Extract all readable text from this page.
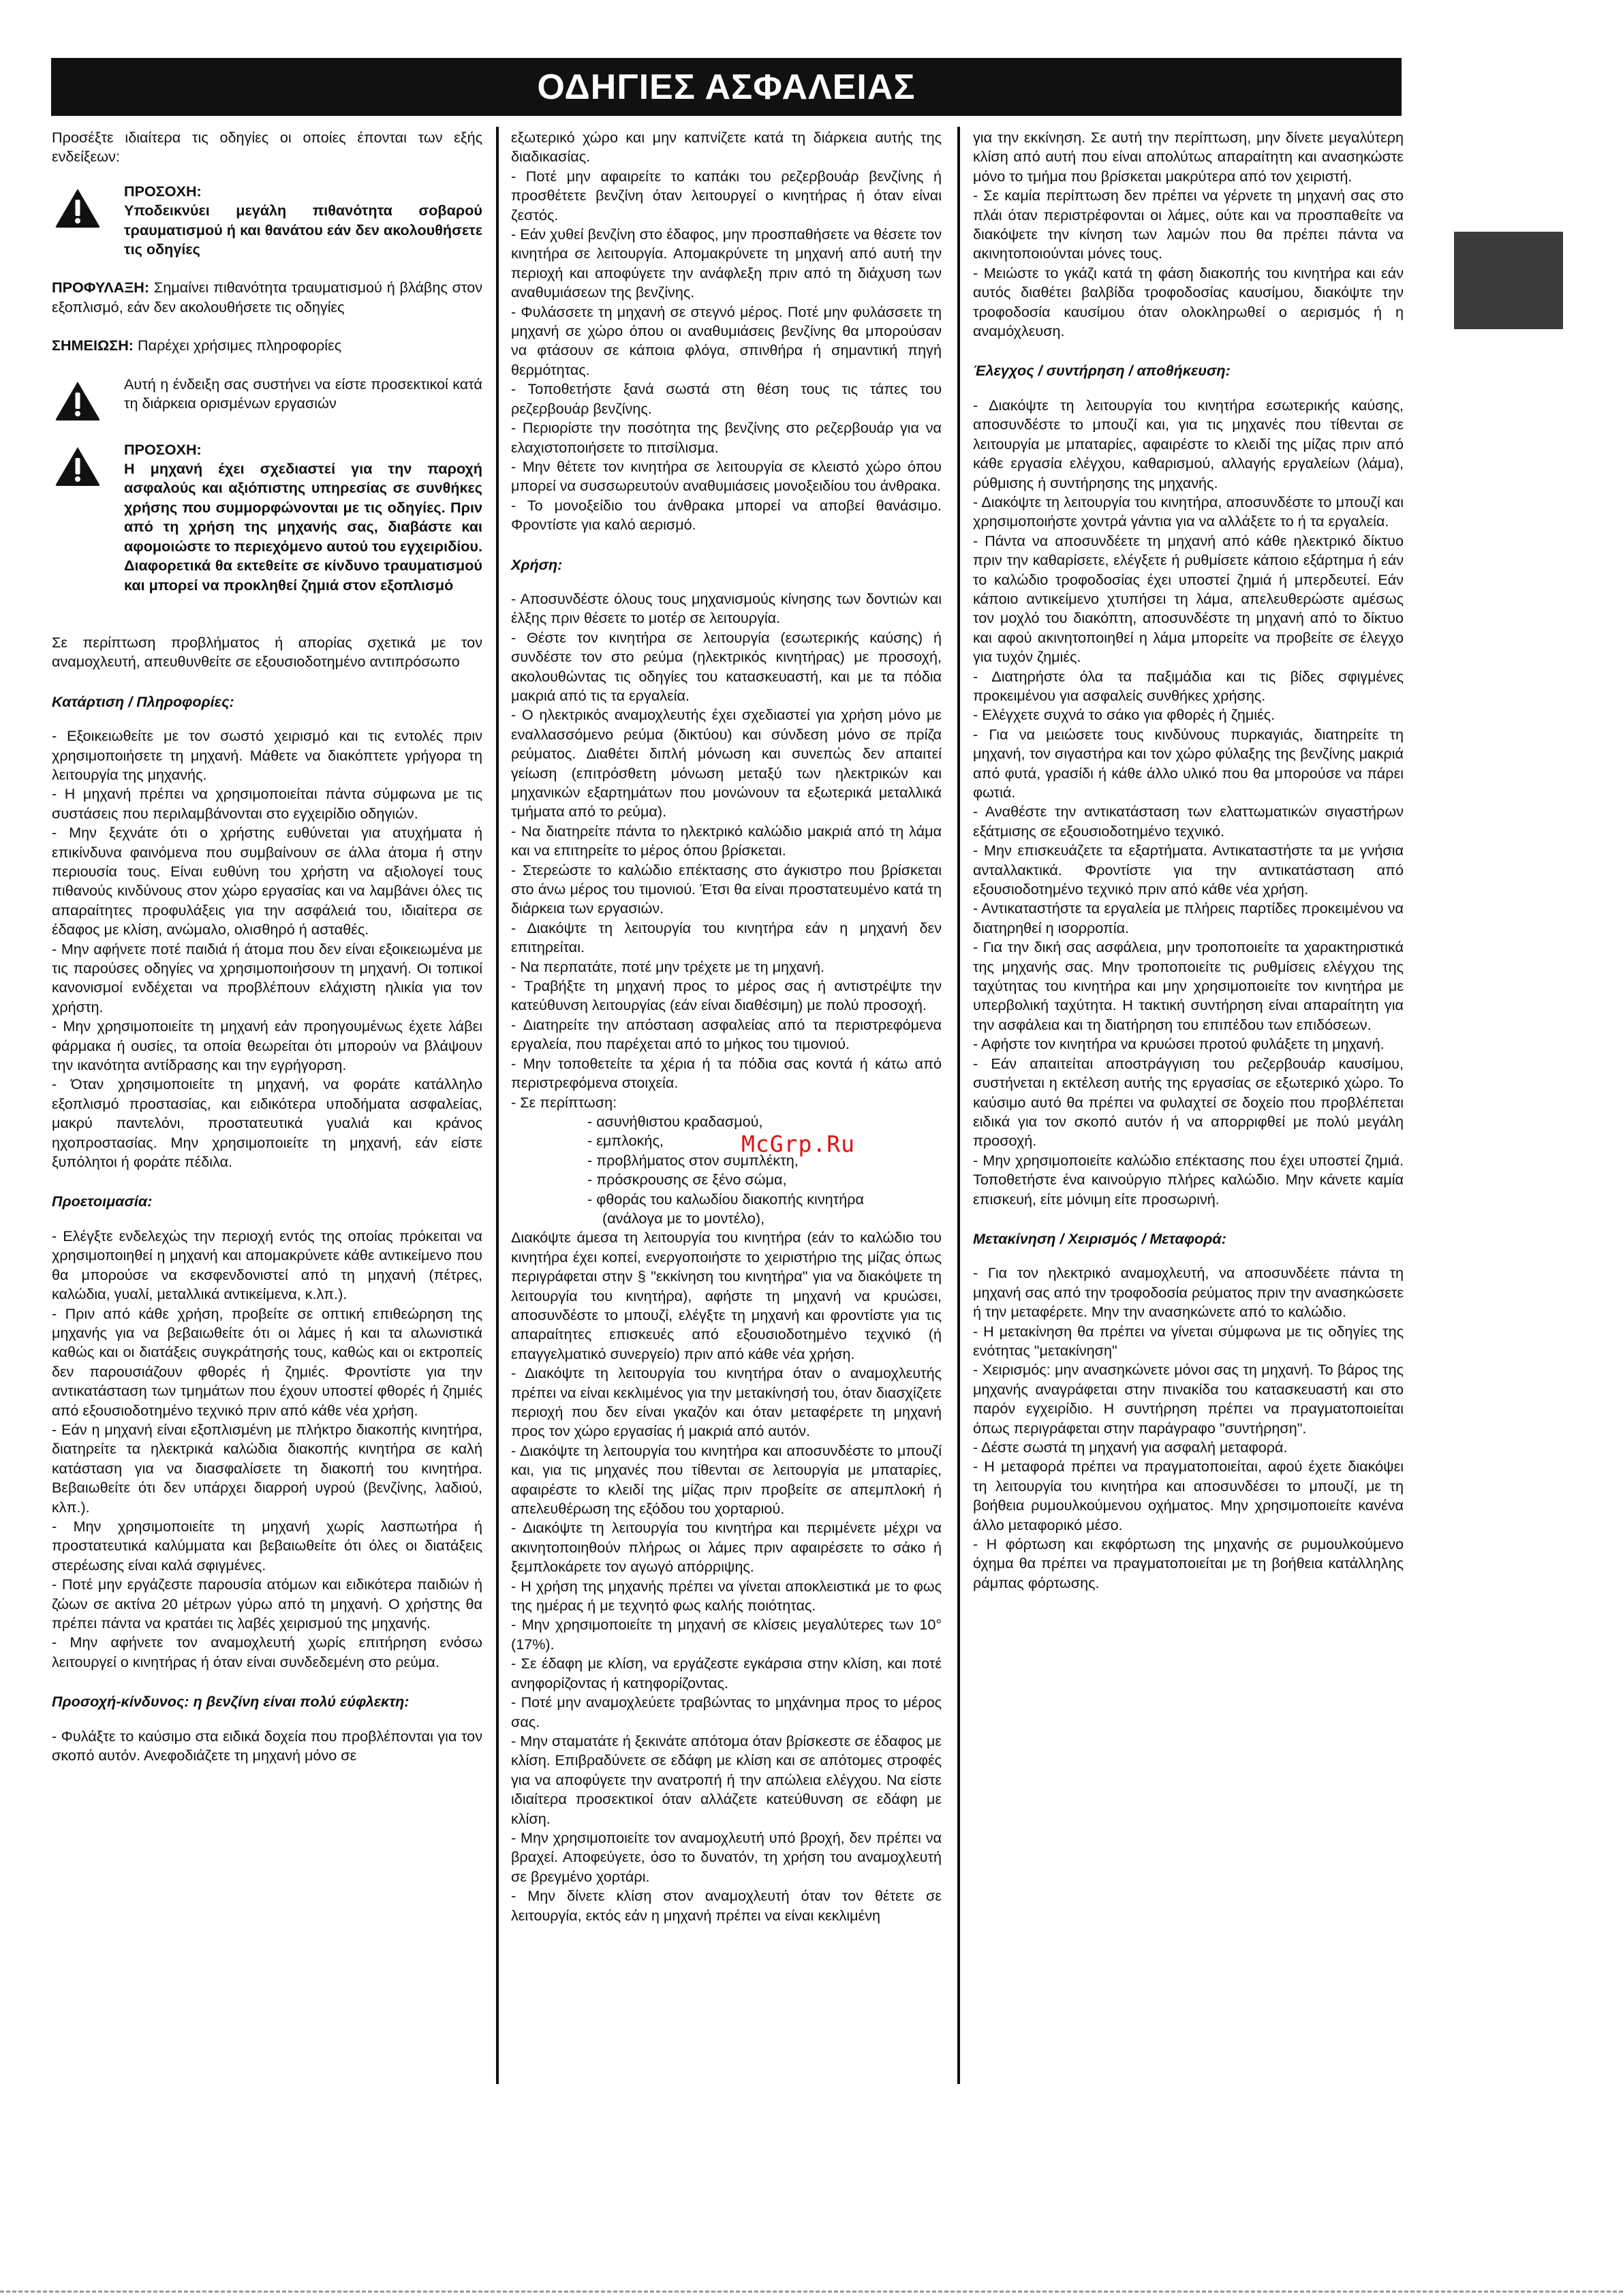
ΟΔΗΓΙΕΣ ΑΣΦΑΛΕΙΑΣ
Προσέξτε ιδιαίτερα τις οδηγίες οι οποίες έπονται των εξής ενδείξεων:
ΠΡΟΣΟΧΗ:
Υποδεικνύει μεγάλη πιθανότητα σοβαρού τραυματισμού ή και θανάτου εάν δεν ακολουθήσετε τις οδηγίες
ΠΡΟΦΥΛΑΞΗ: Σημαίνει πιθανότητα τραυματισμού ή βλάβης στον εξοπλισμό, εάν δεν ακολουθήσετε τις οδηγίες
ΣΗΜΕΙΩΣΗ: Παρέχει χρήσιμες πληροφορίες
Αυτή η ένδειξη σας συστήνει να είστε προσεκτικοί κατά τη διάρκεια ορισμένων εργασιών
ΠΡΟΣΟΧΗ:
Η μηχανή έχει σχεδιαστεί για την παροχή ασφαλούς και αξιόπιστης υπηρεσίας σε συνθήκες χρήσης που συμμορφώνονται με τις οδηγίες. Πριν από τη χρήση της μηχανής σας, διαβάστε και αφομοιώστε το περιεχόμενο αυτού του εγχειριδίου. Διαφορετικά θα εκτεθείτε σε κίνδυνο τραυματισμού και μπορεί να προκληθεί ζημιά στον εξοπλισμό
Σε περίπτωση προβλήματος ή απορίας σχετικά με τον αναμοχλευτή, απευθυνθείτε σε εξουσιοδοτημένο αντιπρόσωπο
Κατάρτιση / Πληροφορίες:
- Εξοικειωθείτε με τον σωστό χειρισμό και τις εντολές πριν χρησιμοποιήσετε τη μηχανή. Μάθετε να διακόπτετε γρήγορα τη λειτουργία της μηχανής.
- Η μηχανή πρέπει να χρησιμοποιείται πάντα σύμφωνα με τις συστάσεις που περιλαμβάνονται στο εγχειρίδιο οδηγιών.
- Μην ξεχνάτε ότι ο χρήστης ευθύνεται για ατυχήματα ή επικίνδυνα φαινόμενα που συμβαίνουν σε άλλα άτομα ή στην περιουσία τους. Είναι ευθύνη του χρήστη να αξιολογεί τους πιθανούς κινδύνους στον χώρο εργασίας και να λαμβάνει όλες τις απαραίτητες προφυλάξεις για την ασφάλειά του, ιδιαίτερα σε έδαφος με κλίση, ανώμαλο, ολισθηρό ή ασταθές.
- Μην αφήνετε ποτέ παιδιά ή άτομα που δεν είναι εξοικειωμένα με τις παρούσες οδηγίες να χρησιμοποιήσουν τη μηχανή. Οι τοπικοί κανονισμοί ενδέχεται να προβλέπουν ελάχιστη ηλικία για τον χρήστη.
- Μην χρησιμοποιείτε τη μηχανή εάν προηγουμένως έχετε λάβει φάρμακα ή ουσίες, τα οποία θεωρείται ότι μπορούν να βλάψουν την ικανότητα αντίδρασης και την εγρήγορση.
- Όταν χρησιμοποιείτε τη μηχανή, να φοράτε κατάλληλο εξοπλισμό προστασίας, και ειδικότερα υποδήματα ασφαλείας, μακρύ παντελόνι, προστατευτικά γυαλιά και κράνος ηχοπροστασίας. Μην χρησιμοποιείτε τη μηχανή, εάν είστε ξυπόλητοι ή φοράτε πέδιλα.
Προετοιμασία:
- Ελέγξτε ενδελεχώς την περιοχή εντός της οποίας πρόκειται να χρησιμοποιηθεί η μηχανή και απομακρύνετε κάθε αντικείμενο που θα μπορούσε να εκσφενδονιστεί από τη μηχανή (πέτρες, καλώδια, γυαλί, μεταλλικά αντικείμενα, κ.λπ.).
- Πριν από κάθε χρήση, προβείτε σε οπτική επιθεώρηση της μηχανής για να βεβαιωθείτε ότι οι λάμες ή και τα αλωνιστικά καθώς και οι διατάξεις συγκράτησής τους, καθώς και οι εκτροπείς δεν παρουσιάζουν φθορές ή ζημιές. Φροντίστε για την αντικατάσταση των τμημάτων που έχουν υποστεί φθορές ή ζημιές από εξουσιοδοτημένο τεχνικό πριν από κάθε νέα χρήση.
- Εάν η μηχανή είναι εξοπλισμένη με πλήκτρο διακοπής κινητήρα, διατηρείτε τα ηλεκτρικά καλώδια διακοπής κινητήρα σε καλή κατάσταση για να διασφαλίσετε τη διακοπή του κινητήρα. Βεβαιωθείτε ότι δεν υπάρχει διαρροή υγρού (βενζίνης, λαδιού, κλπ.).
- Μην χρησιμοποιείτε τη μηχανή χωρίς λασπωτήρα ή προστατευτικά καλύμματα και βεβαιωθείτε ότι όλες οι διατάξεις στερέωσης είναι καλά σφιγμένες.
- Ποτέ μην εργάζεστε παρουσία ατόμων και ειδικότερα παιδιών ή ζώων σε ακτίνα 20 μέτρων γύρω από τη μηχανή. Ο χρήστης θα πρέπει πάντα να κρατάει τις λαβές χειρισμού της μηχανής.
- Μην αφήνετε τον αναμοχλευτή χωρίς επιτήρηση ενόσω λειτουργεί ο κινητήρας ή όταν είναι συνδεδεμένη στο ρεύμα.
Προσοχή-κίνδυνος: η βενζίνη είναι πολύ εύφλεκτη:
- Φυλάξτε το καύσιμο στα ειδικά δοχεία που προβλέπονται για τον σκοπό αυτόν. Ανεφοδιάζετε τη μηχανή μόνο σε
εξωτερικό χώρο και μην καπνίζετε κατά τη διάρκεια αυτής της διαδικασίας.
- Ποτέ μην αφαιρείτε το καπάκι του ρεζερβουάρ βενζίνης ή προσθέτετε βενζίνη όταν λειτουργεί ο κινητήρας ή όταν είναι ζεστός.
- Εάν χυθεί βενζίνη στο έδαφος, μην προσπαθήσετε να θέσετε τον κινητήρα σε λειτουργία. Απομακρύνετε τη μηχανή από αυτή την περιοχή και αποφύγετε την ανάφλεξη πριν από τη διάχυση των αναθυμιάσεων της βενζίνης.
- Φυλάσσετε τη μηχανή σε στεγνό μέρος. Ποτέ μην φυλάσσετε τη μηχανή σε χώρο όπου οι αναθυμιάσεις βενζίνης θα μπορούσαν να φτάσουν σε κάποια φλόγα, σπινθήρα ή σημαντική πηγή θερμότητας.
- Τοποθετήστε ξανά σωστά στη θέση τους τις τάπες του ρεζερβουάρ βενζίνης.
- Περιορίστε την ποσότητα της βενζίνης στο ρεζερβουάρ για να ελαχιστοποιήσετε το πιτσίλισμα.
- Μην θέτετε τον κινητήρα σε λειτουργία σε κλειστό χώρο όπου μπορεί να συσσωρευτούν αναθυμιάσεις μονοξειδίου του άνθρακα.
- Το μονοξείδιο του άνθρακα μπορεί να αποβεί θανάσιμο. Φροντίστε για καλό αερισμό.
Χρήση:
- Αποσυνδέστε όλους τους μηχανισμούς κίνησης των δοντιών και έλξης πριν θέσετε το μοτέρ σε λειτουργία.
- Θέστε τον κινητήρα σε λειτουργία (εσωτερικής καύσης) ή συνδέστε τον στο ρεύμα (ηλεκτρικός κινητήρας) με προσοχή, ακολουθώντας τις οδηγίες του κατασκευαστή, και με τα πόδια μακριά από τις τα εργαλεία.
- Ο ηλεκτρικός αναμοχλευτής έχει σχεδιαστεί για χρήση μόνο με εναλλασσόμενο ρεύμα (δικτύου) και σύνδεση μόνο σε πρίζα ρεύματος. Διαθέτει διπλή μόνωση και συνεπώς δεν απαιτεί γείωση (επιτρόσθετη μόνωση μεταξύ των ηλεκτρικών και μηχανικών εξαρτημάτων που μονώνουν τα εξωτερικά μεταλλικά τμήματα από το ρεύμα).
- Να διατηρείτε πάντα το ηλεκτρικό καλώδιο μακριά από τη λάμα και να επιτηρείτε το μέρος όπου βρίσκεται.
- Στερεώστε το καλώδιο επέκτασης στο άγκιστρο που βρίσκεται στο άνω μέρος του τιμονιού. Έτσι θα είναι προστατευμένο κατά τη διάρκεια των εργασιών.
- Διακόψτε τη λειτουργία του κινητήρα εάν η μηχανή δεν επιτηρείται.
- Να περπατάτε, ποτέ μην τρέχετε με τη μηχανή.
- Τραβήξτε τη μηχανή προς το μέρος σας ή αντιστρέψτε την κατεύθυνση λειτουργίας (εάν είναι διαθέσιμη) με πολύ προσοχή.
- Διατηρείτε την απόσταση ασφαλείας από τα περιστρεφόμενα εργαλεία, που παρέχεται από το μήκος του τιμονιού.
- Μην τοποθετείτε τα χέρια ή τα πόδια σας κοντά ή κάτω από περιστρεφόμενα στοιχεία.
- Σε περίπτωση:
- ασυνήθιστου κραδασμού,
- εμπλοκής,
- προβλήματος στον συμπλέκτη,
- πρόσκρουσης σε ξένο σώμα,
- φθοράς του καλωδίου διακοπής κινητήρα
(ανάλογα με το μοντέλο),
Διακόψτε άμεσα τη λειτουργία του κινητήρα (εάν το καλώδιο του κινητήρα έχει κοπεί, ενεργοποιήστε το χειριστήριο της μίζας όπως περιγράφεται στην § "εκκίνηση του κινητήρα" για να διακόψετε τη λειτουργία του κινητήρα), αφήστε τη μηχανή να κρυώσει, αποσυνδέστε το μπουζί, ελέγξτε τη μηχανή και φροντίστε για τις απαραίτητες επισκευές από εξουσιοδοτημένο τεχνικό (ή επαγγελματικό συνεργείο) πριν από κάθε νέα χρήση.
- Διακόψτε τη λειτουργία του κινητήρα όταν ο αναμοχλευτής πρέπει να είναι κεκλιμένος για την μετακίνησή του, όταν διασχίζετε περιοχή που δεν είναι γκαζόν και όταν μεταφέρετε τη μηχανή προς τον χώρο εργασίας ή μακριά από αυτόν.
- Διακόψτε τη λειτουργία του κινητήρα και αποσυνδέστε το μπουζί και, για τις μηχανές που τίθενται σε λειτουργία με μπαταρίες, αφαιρέστε το κλειδί της μίζας πριν προβείτε σε απεμπλοκή ή απελευθέρωση της εξόδου του χορταριού.
- Διακόψτε τη λειτουργία του κινητήρα και περιμένετε μέχρι να ακινητοποιηθούν πλήρως οι λάμες πριν αφαιρέσετε το σάκο ή ξεμπλοκάρετε τον αγωγό απόρριψης.
- Η χρήση της μηχανής πρέπει να γίνεται αποκλειστικά με το φως της ημέρας ή με τεχνητό φως καλής ποιότητας.
- Μην χρησιμοποιείτε τη μηχανή σε κλίσεις μεγαλύτερες των 10° (17%).
- Σε έδαφη με κλίση, να εργάζεστε εγκάρσια στην κλίση, και ποτέ ανηφορίζοντας ή κατηφορίζοντας.
- Ποτέ μην αναμοχλεύετε τραβώντας το μηχάνημα προς το μέρος σας.
- Μην σταματάτε ή ξεκινάτε απότομα όταν βρίσκεστε σε έδαφος με κλίση. Επιβραδύνετε σε εδάφη με κλίση και σε απότομες στροφές για να αποφύγετε την ανατροπή ή την απώλεια ελέγχου. Να είστε ιδιαίτερα προσεκτικοί όταν αλλάζετε κατεύθυνση σε εδάφη με κλίση.
- Μην χρησιμοποιείτε τον αναμοχλευτή υπό βροχή, δεν πρέπει να βραχεί. Αποφεύγετε, όσο το δυνατόν, τη χρήση του αναμοχλευτή σε βρεγμένο χορτάρι.
- Μην δίνετε κλίση στον αναμοχλευτή όταν τον θέτετε σε λειτουργία, εκτός εάν η μηχανή πρέπει να είναι κεκλιμένη
για την εκκίνηση. Σε αυτή την περίπτωση, μην δίνετε μεγαλύτερη κλίση από αυτή που είναι απολύτως απαραίτητη και ανασηκώστε μόνο το τμήμα που βρίσκεται μακρύτερα από τον χειριστή.
- Σε καμία περίπτωση δεν πρέπει να γέρνετε τη μηχανή σας στο πλάι όταν περιστρέφονται οι λάμες, ούτε και να προσπαθείτε να διακόψετε την κίνηση των λαμών που θα πρέπει πάντα να ακινητοποιούνται μόνες τους.
- Μειώστε το γκάζι κατά τη φάση διακοπής του κινητήρα και εάν αυτός διαθέτει βαλβίδα τροφοδοσίας καυσίμου, διακόψτε την τροφοδοσία καυσίμου όταν ολοκληρωθεί ο αερισμός ή η αναμόχλευση.
Έλεγχος / συντήρηση / αποθήκευση:
- Διακόψτε τη λειτουργία του κινητήρα εσωτερικής καύσης, αποσυνδέστε το μπουζί και, για τις μηχανές που τίθενται σε λειτουργία με μπαταρίες, αφαιρέστε το κλειδί της μίζας πριν από κάθε εργασία ελέγχου, καθαρισμού, αλλαγής εργαλείων (λάμα), ρύθμισης ή συντήρησης της μηχανής.
- Διακόψτε τη λειτουργία του κινητήρα, αποσυνδέστε το μπουζί και χρησιμοποιήστε χοντρά γάντια για να αλλάξετε το ή τα εργαλεία.
- Πάντα να αποσυνδέετε τη μηχανή από κάθε ηλεκτρικό δίκτυο πριν την καθαρίσετε, ελέγξετε ή ρυθμίσετε κάποιο εξάρτημα ή εάν το καλώδιο τροφοδοσίας έχει υποστεί ζημιά ή μπερδευτεί. Εάν κάποιο αντικείμενο χτυπήσει τη λάμα, απελευθερώστε αμέσως τον μοχλό του διακόπτη, αποσυνδέστε τη μηχανή από το δίκτυο και αφού ακινητοποιηθεί η λάμα μπορείτε να προβείτε σε έλεγχο για τυχόν ζημιές.
- Διατηρήστε όλα τα παξιμάδια και τις βίδες σφιγμένες προκειμένου για ασφαλείς συνθήκες χρήσης.
- Ελέγχετε συχνά το σάκο για φθορές ή ζημιές.
- Για να μειώσετε τους κινδύνους πυρκαγιάς, διατηρείτε τη μηχανή, τον σιγαστήρα και τον χώρο φύλαξης της βενζίνης μακριά από φυτά, γρασίδι ή κάθε άλλο υλικό που θα μπορούσε να πάρει φωτιά.
- Αναθέστε την αντικατάσταση των ελαττωματικών σιγαστήρων εξάτμισης σε εξουσιοδοτημένο τεχνικό.
- Μην επισκευάζετε τα εξαρτήματα. Αντικαταστήστε τα με γνήσια ανταλλακτικά. Φροντίστε για την αντικατάσταση από εξουσιοδοτημένο τεχνικό πριν από κάθε νέα χρήση.
- Αντικαταστήστε τα εργαλεία με πλήρεις παρτίδες προκειμένου να διατηρηθεί η ισορροπία.
- Για την δική σας ασφάλεια, μην τροποποιείτε τα χαρακτηριστικά της μηχανής σας. Μην τροποποιείτε τις ρυθμίσεις ελέγχου της ταχύτητας του κινητήρα και μην χρησιμοποιείτε τον κινητήρα με υπερβολική ταχύτητα. Η τακτική συντήρηση είναι απαραίτητη για την ασφάλεια και τη διατήρηση του επιπέδου των επιδόσεων.
- Αφήστε τον κινητήρα να κρυώσει προτού φυλάξετε τη μηχανή.
- Εάν απαιτείται αποστράγγιση του ρεζερβουάρ καυσίμου, συστήνεται η εκτέλεση αυτής της εργασίας σε εξωτερικό χώρο. Το καύσιμο αυτό θα πρέπει να φυλαχτεί σε δοχείο που προβλέπεται ειδικά για τον σκοπό αυτόν ή να απορριφθεί με πολύ μεγάλη προσοχή.
- Μην χρησιμοποιείτε καλώδιο επέκτασης που έχει υποστεί ζημιά. Τοποθετήστε ένα καινούργιο πλήρες καλώδιο. Μην κάνετε καμία επισκευή, είτε μόνιμη είτε προσωρινή.
Μετακίνηση / Χειρισμός / Μεταφορά:
- Για τον ηλεκτρικό αναμοχλευτή, να αποσυνδέετε πάντα τη μηχανή σας από την τροφοδοσία ρεύματος πριν την ανασηκώσετε ή την μεταφέρετε. Μην την ανασηκώνετε από το καλώδιο.
- Η μετακίνηση θα πρέπει να γίνεται σύμφωνα με τις οδηγίες της ενότητας "μετακίνηση"
- Χειρισμός: μην ανασηκώνετε μόνοι σας τη μηχανή. Το βάρος της μηχανής αναγράφεται στην πινακίδα του κατασκευαστή και στο παρόν εγχειρίδιο. Η συντήρηση πρέπει να πραγματοποιείται όπως περιγράφεται στην παράγραφο "συντήρηση".
- Δέστε σωστά τη μηχανή για ασφαλή μεταφορά.
- Η μεταφορά πρέπει να πραγματοποιείται, αφού έχετε διακόψει τη λειτουργία του κινητήρα και αποσυνδέσει το μπουζί, με τη βοήθεια ρυμουλκούμενου οχήματος. Μην χρησιμοποιείτε κανένα άλλο μεταφορικό μέσο.
- Η φόρτωση και εκφόρτωση της μηχανής σε ρυμουλκούμενο όχημα θα πρέπει να πραγματοποιείται με τη βοήθεια κατάλληλης ράμπας φόρτωσης.
McGrp.Ru
